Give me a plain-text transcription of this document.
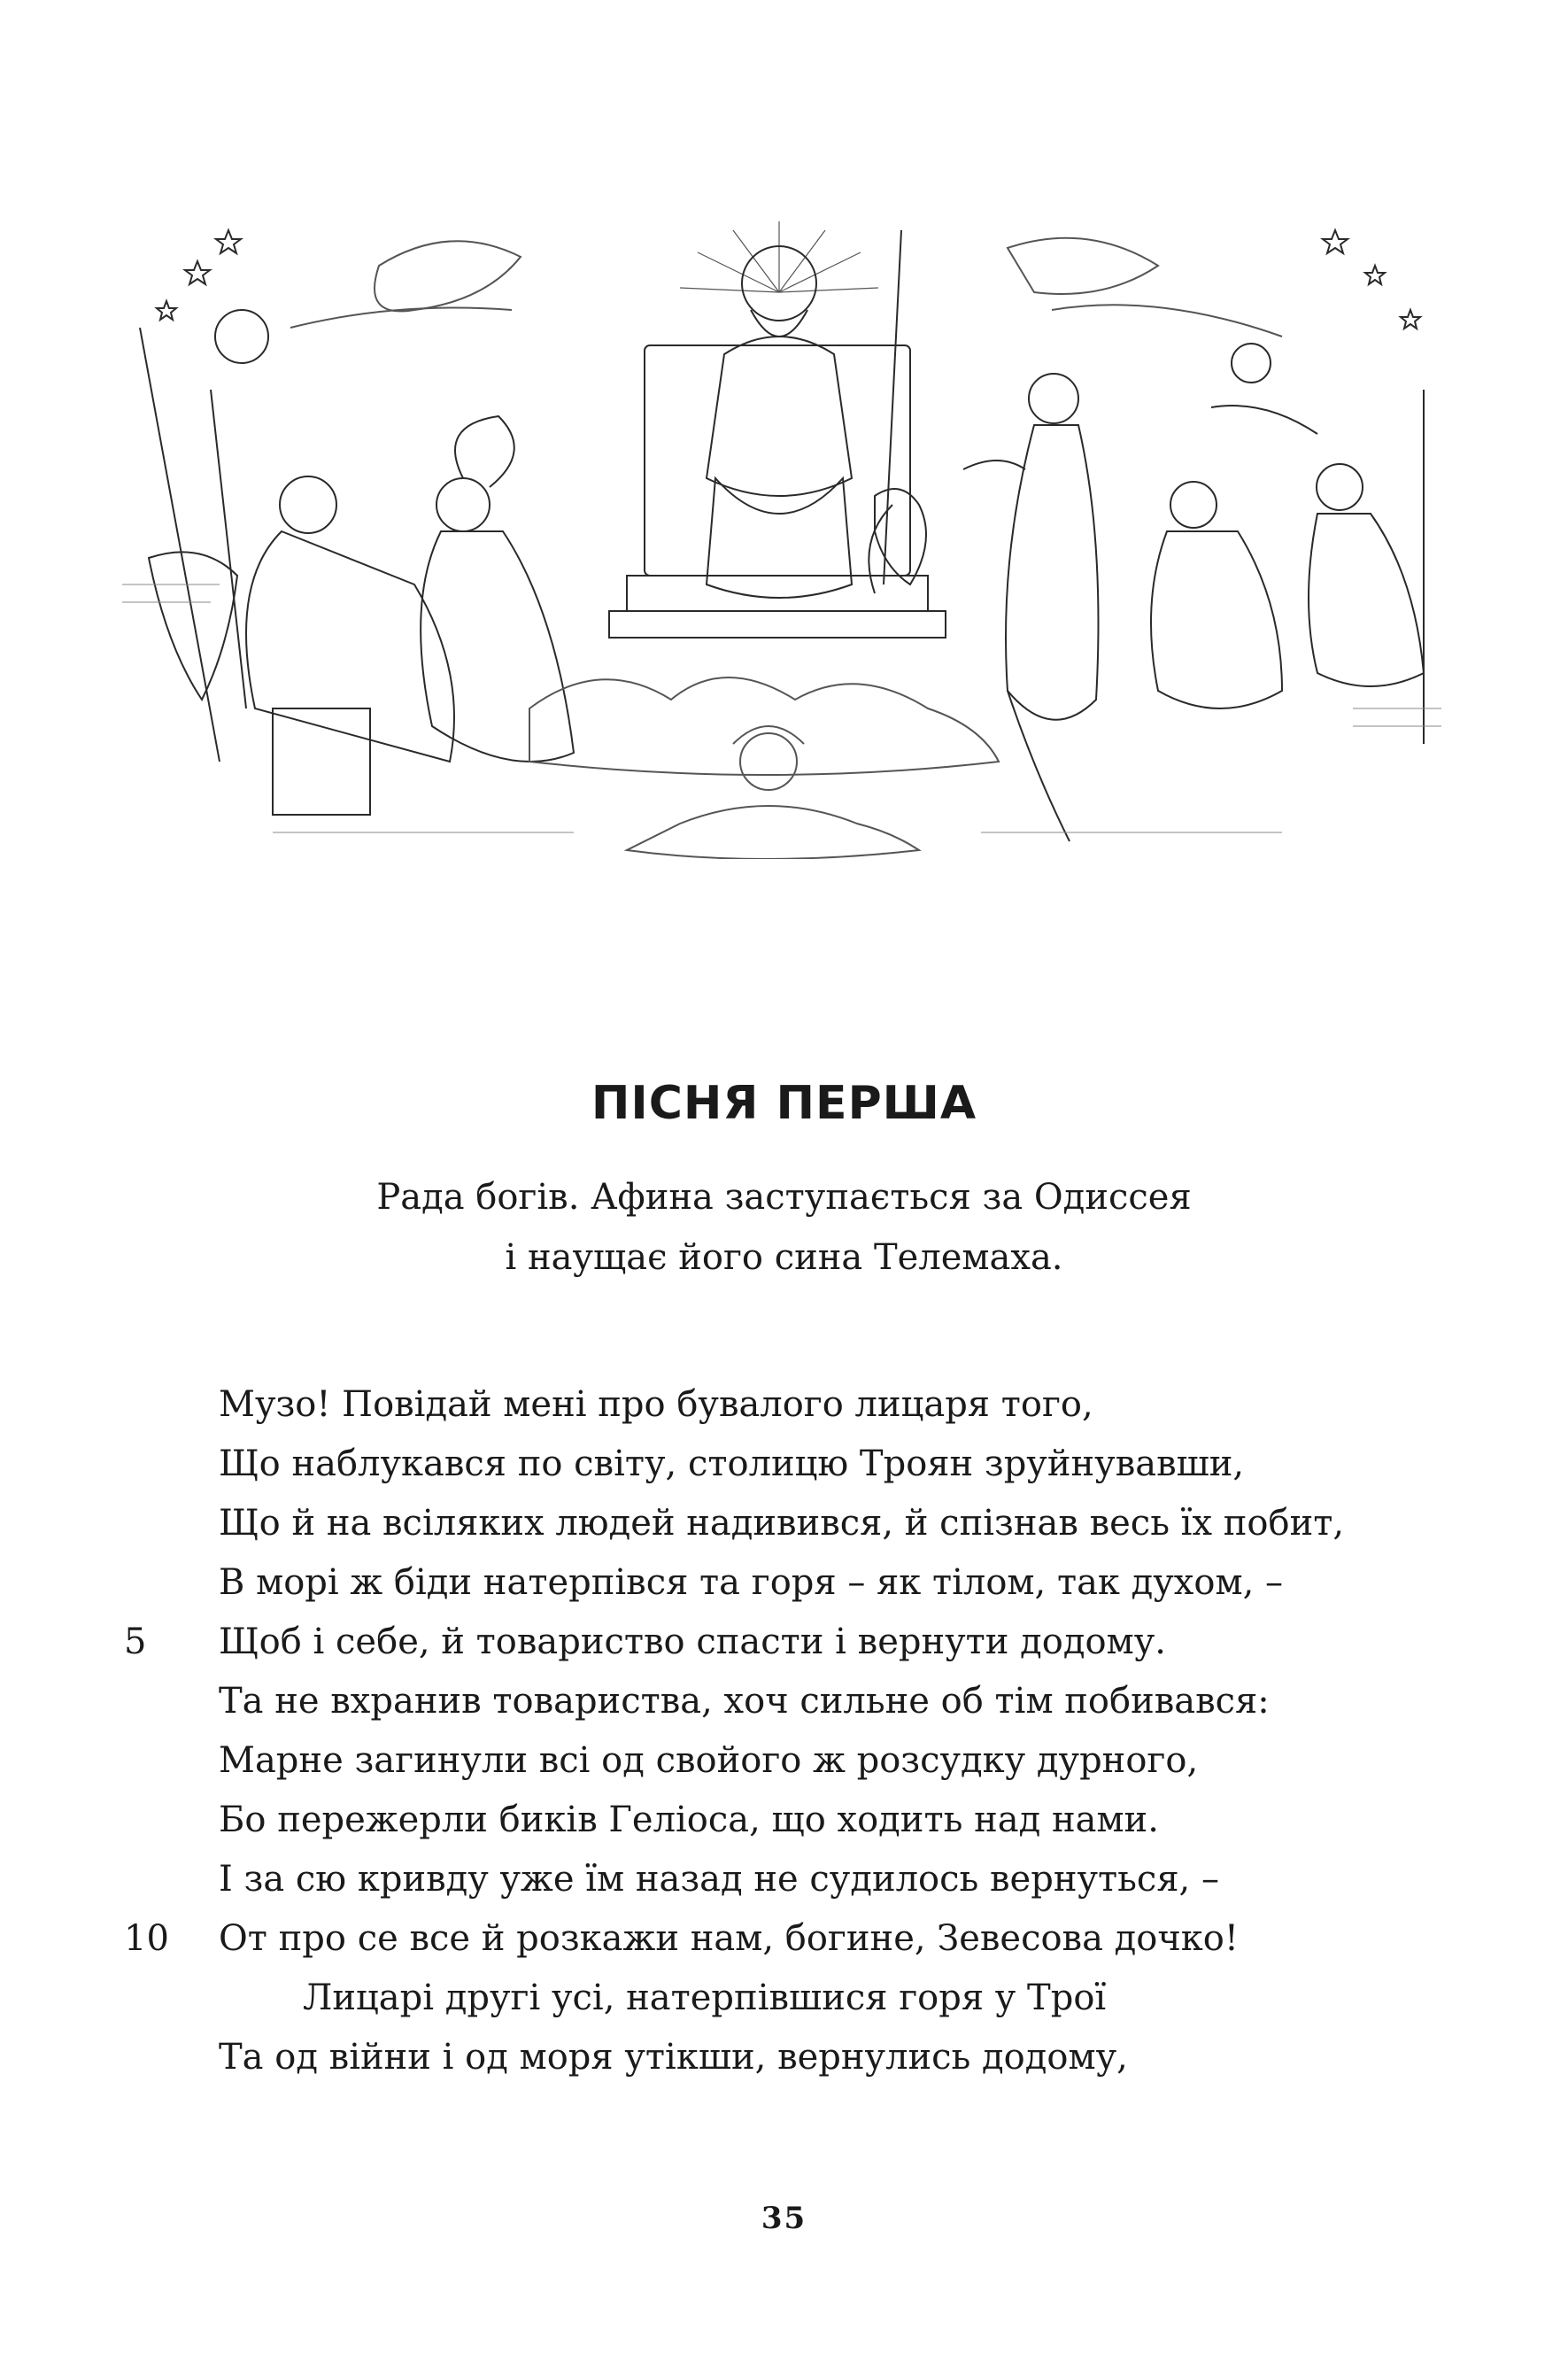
ПІСНЯ ПЕРША
Рада богів. Афина заступається за Одиссея
і наущає його сина Телемаха.
Музо! Повідай мені про бувалого лицаря того,
Що наблукався по світу, столицю Троян зруйнувавши,
Що й на всіляких людей надивився, й спізнав весь їх побит,
В морі ж біди натерпівся та горя – як тілом, так духом, –
5	Щоб і себе, й товариство спасти і вернути додому.
Та не вхранив товариства, хоч сильне об тім побивався:
Марне загинули всі од свойого ж розсудку дурного,
Бо пережерли биків Геліоса, що ходить над нами.
І за сю кривду уже їм назад не судилось вернуться, –
10 От про се все й розкажи нам, богине, Зевесова дочко!
Лицарі другі усі, натерпівшися горя у Трої
Та од війни і од моря утікши, вернулись додому,
35
